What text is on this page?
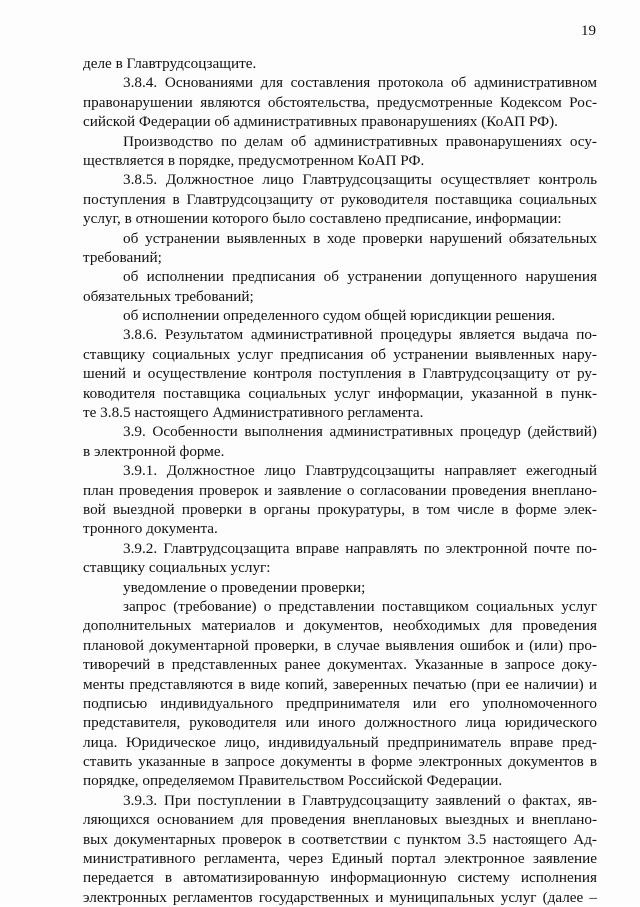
19
деле в Главтрудсоцзащите.
3.8.4. Основаниями для составления протокола об административном
правонарушении являются обстоятельства, предусмотренные Кодексом Рос-
сийской Федерации об административных правонарушениях (КоАП РФ).
Производство по делам об административных правонарушениях осу-
ществляется в порядке, предусмотренном КоАП РФ.
3.8.5. Должностное лицо Главтрудсоцзащиты осуществляет контроль
поступления в Главтрудсоцзащиту от руководителя поставщика социальных
услуг, в отношении которого было составлено предписание, информации:
об устранении выявленных в ходе проверки нарушений обязательных
требований;
об исполнении предписания об устранении допущенного нарушения
обязательных требований;
об исполнении определенного судом общей юрисдикции решения.
3.8.6. Результатом административной процедуры является выдача по-
ставщику социальных услуг предписания об устранении выявленных нару-
шений и осуществление контроля поступления в Главтрудсоцзащиту от ру-
ководителя поставщика социальных услуг информации, указанной в пунк-
те 3.8.5 настоящего Административного регламента.
3.9. Особенности выполнения административных процедур (действий)
в электронной форме.
3.9.1. Должностное лицо Главтрудсоцзащиты направляет ежегодный
план проведения проверок и заявление о согласовании проведения внеплано-
вой выездной проверки в органы прокуратуры, в том числе в форме элек-
тронного документа.
3.9.2. Главтрудсоцзащита вправе направлять по электронной почте по-
ставщику социальных услуг:
уведомление о проведении проверки;
запрос (требование) о представлении поставщиком социальных услуг
дополнительных материалов и документов, необходимых для проведения
плановой документарной проверки, в случае выявления ошибок и (или) про-
тиворечий в представленных ранее документах. Указанные в запросе доку-
менты представляются в виде копий, заверенных печатью (при ее наличии) и
подписью индивидуального предпринимателя или его уполномоченного
представителя, руководителя или иного должностного лица юридического
лица. Юридическое лицо, индивидуальный предприниматель вправе пред-
ставить указанные в запросе документы в форме электронных документов в
порядке, определяемом Правительством Российской Федерации.
3.9.3. При поступлении в Главтрудсоцзащиту заявлений о фактах, яв-
ляющихся основанием для проведения внеплановых выездных и внеплано-
вых документарных проверок в соответствии с пунктом 3.5 настоящего Ад-
министративного регламента, через Единый портал электронное заявление
передается в автоматизированную информационную систему исполнения
электронных регламентов государственных и муниципальных услуг (далее –
